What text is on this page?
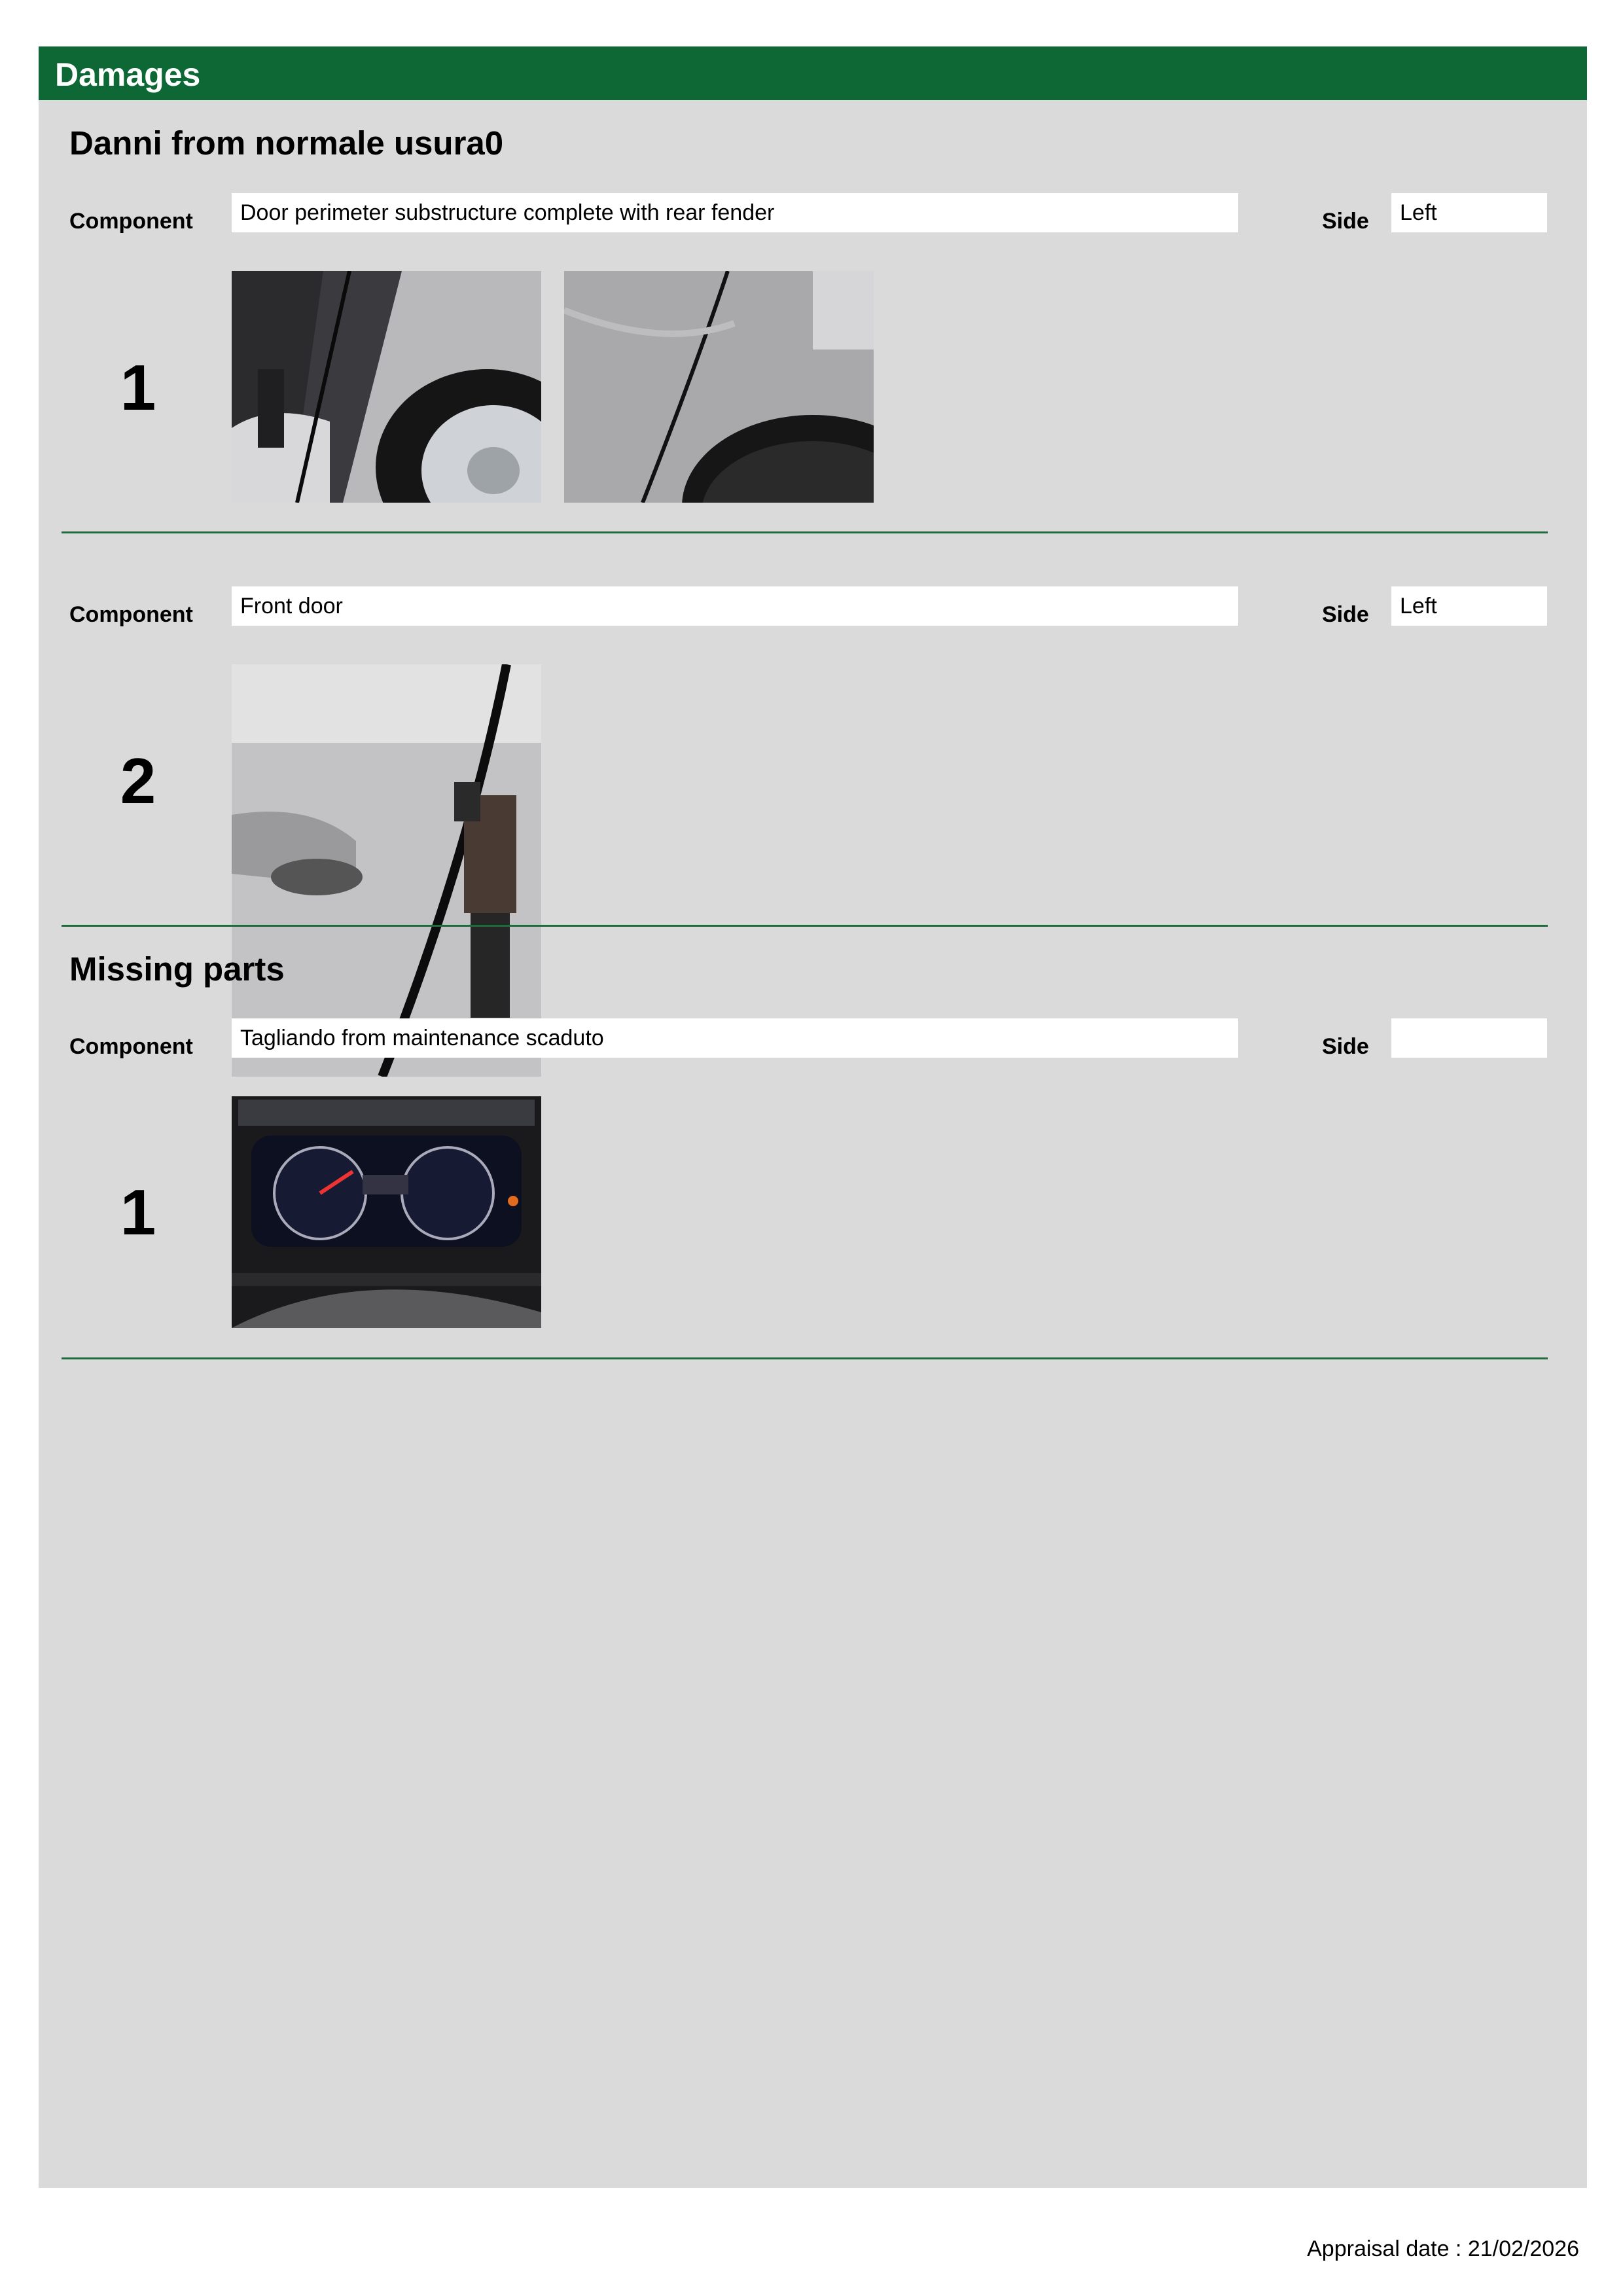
Damages
Danni from normale usura0
Component	Door perimeter substructure complete with rear fender	Side	Left
1
Component	Front door	Side	Left
2
Missing parts
Component	Tagliando from maintenance scaduto	Side
1
Appraisal date : 21/02/2026
